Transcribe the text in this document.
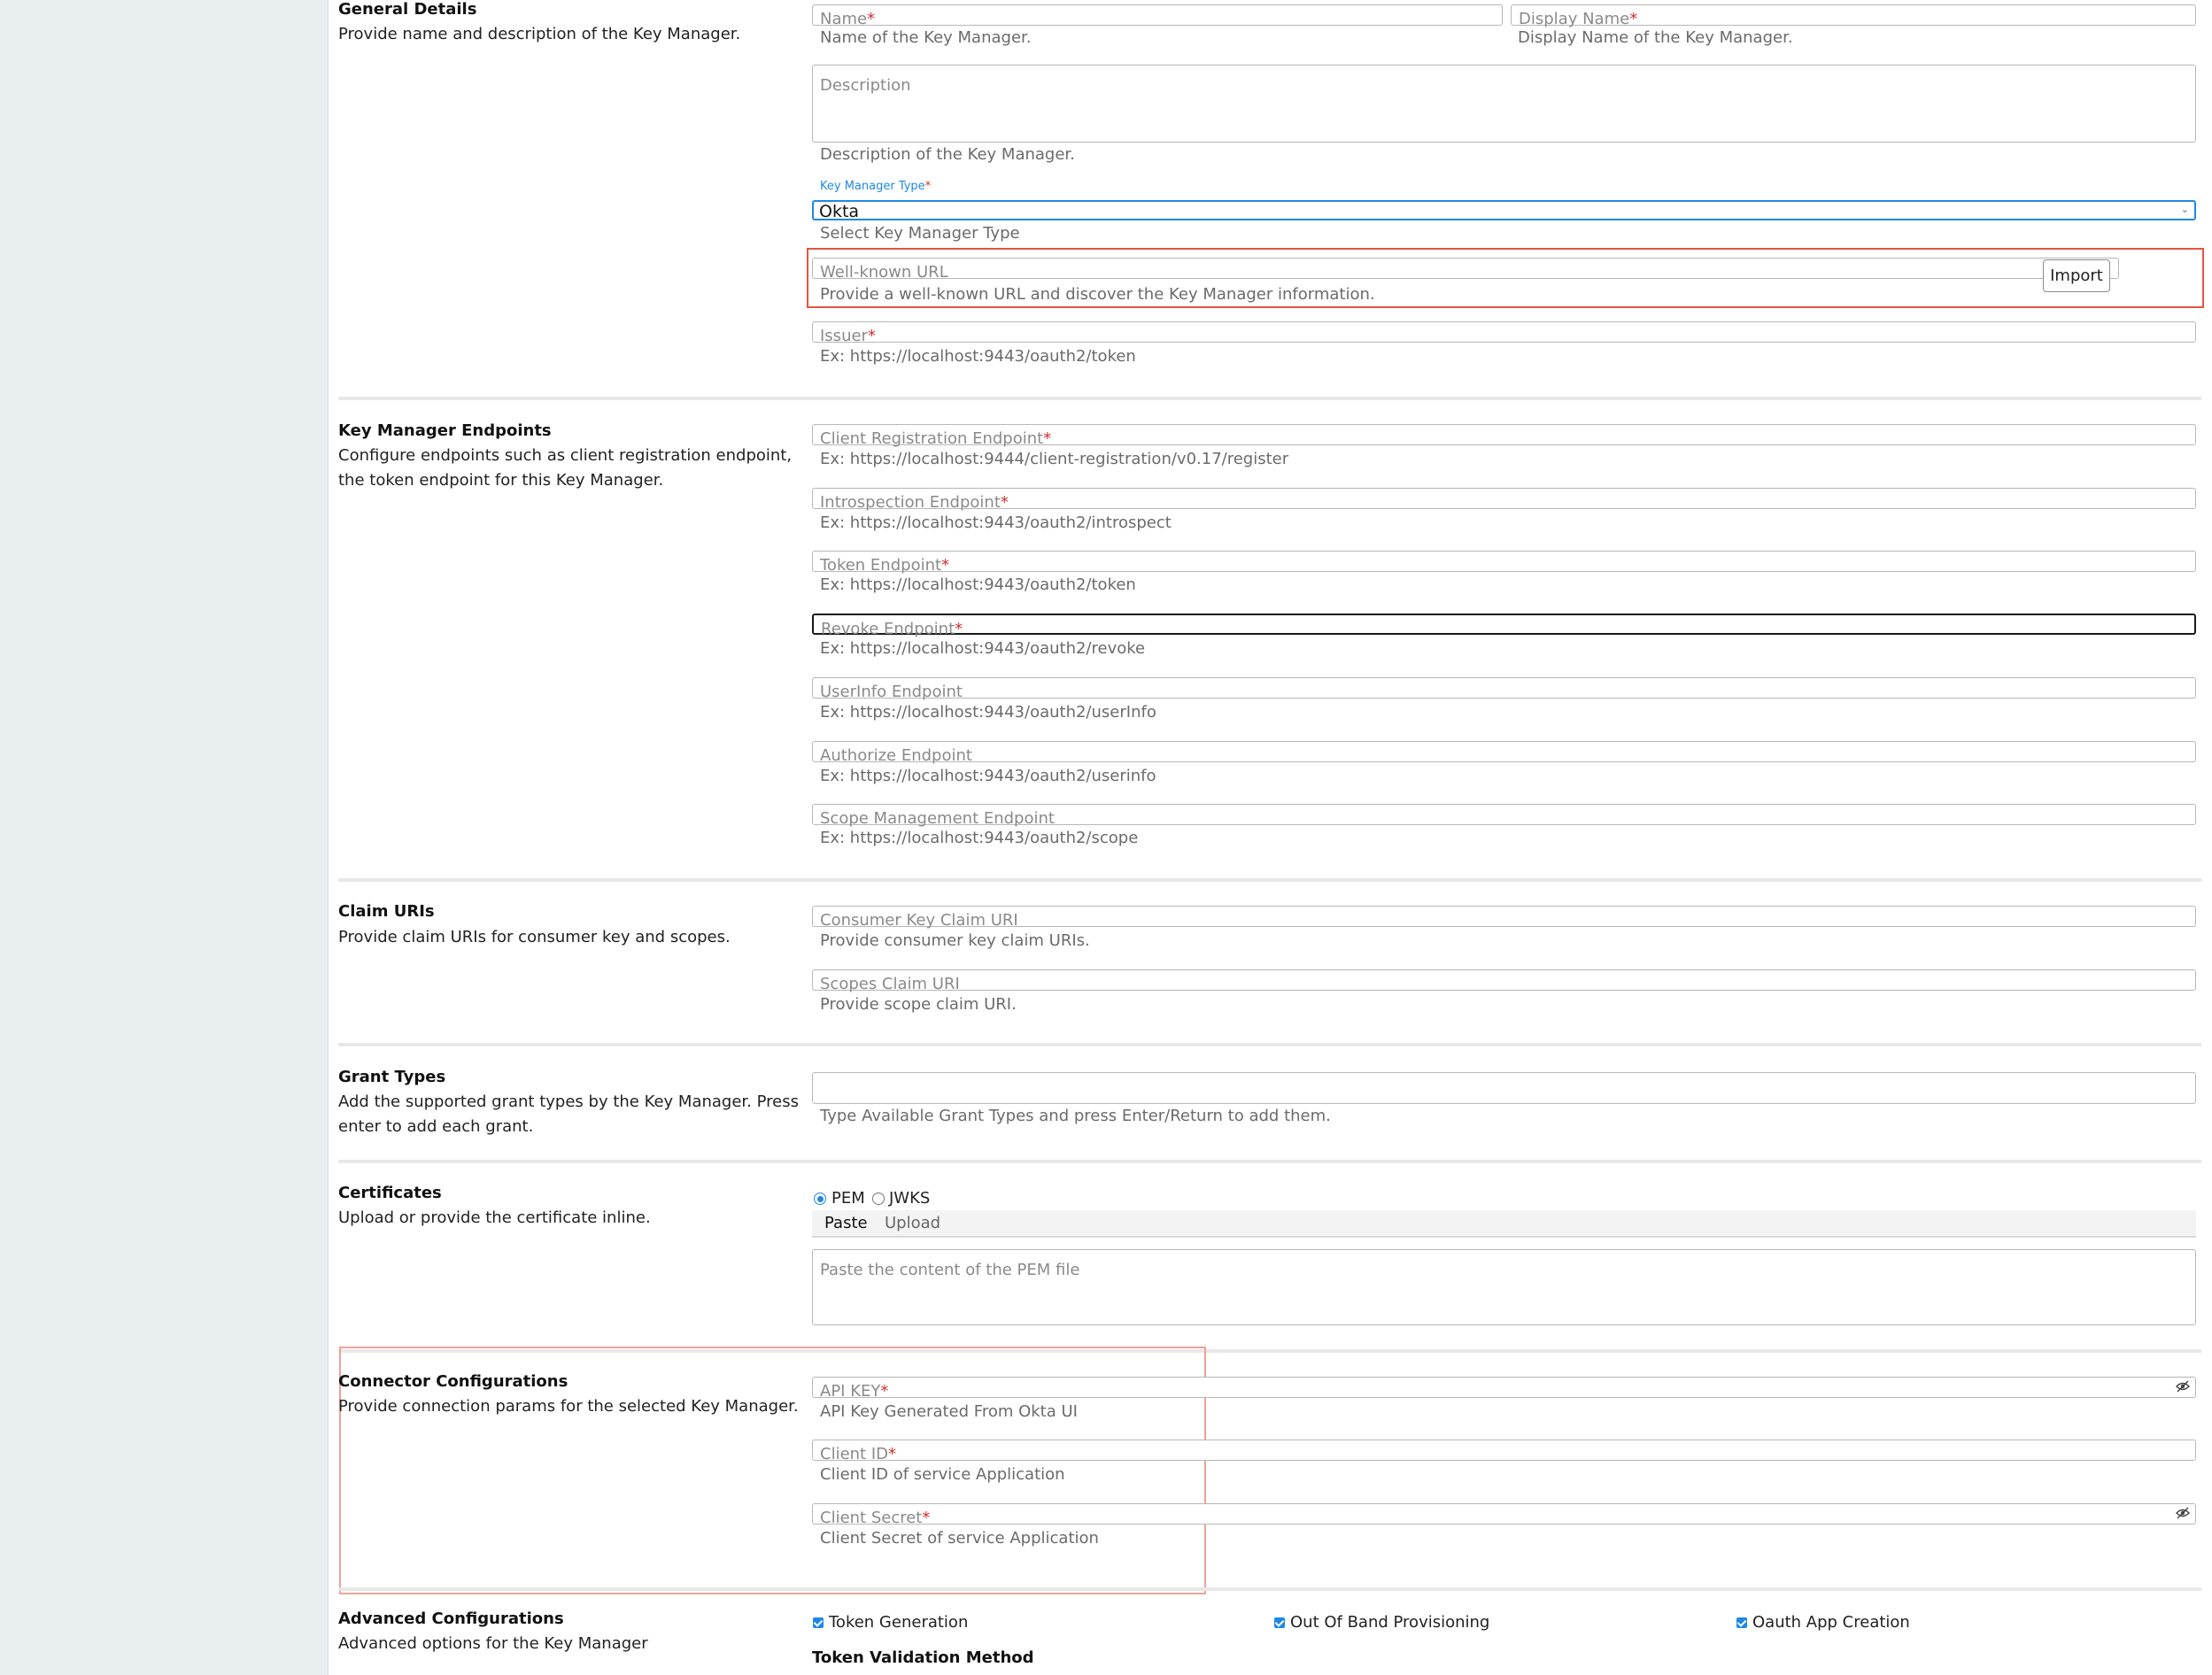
General Details

Provide name and description of the Key Manager.

Name*
Name of the Key Manager.
Display Name*
Display Name of the Key Manager.
Description
Description of the Key Manager.
Key Manager Type*
Okta	⌄
Select Key Manager Type
Well-known URL	Import
Provide a well-known URL and discover the Key Manager information.
Issuer*
Ex: https://localhost:9443/oauth2/token
Key Manager Endpoints

Configure endpoints such as client registration endpoint, the token endpoint for this Key Manager.

Client Registration Endpoint*
Ex: https://localhost:9444/client-registration/v0.17/register
Introspection Endpoint*
Ex: https://localhost:9443/oauth2/introspect
Token Endpoint*
Ex: https://localhost:9443/oauth2/token
Revoke Endpoint*
Ex: https://localhost:9443/oauth2/revoke
UserInfo Endpoint
Ex: https://localhost:9443/oauth2/userInfo
Authorize Endpoint
Ex: https://localhost:9443/oauth2/userinfo
Scope Management Endpoint
Ex: https://localhost:9443/oauth2/scope
Claim URIs

Provide claim URIs for consumer key and scopes.

Consumer Key Claim URI
Provide consumer key claim URIs.
Scopes Claim URI
Provide scope claim URI.
Grant Types

Add the supported grant types by the Key Manager. Press enter to add each grant.

Type Available Grant Types and press Enter/Return to add them.
Certificates

Upload or provide the certificate inline.

PEM JWKS
Paste Upload
Paste the content of the PEM file
Connector Configurations

Provide connection params for the selected Key Manager.

API KEY*
API Key Generated From Okta UI
Client ID*
Client ID of service Application
Client Secret*
Client Secret of service Application
Advanced Configurations

Advanced options for the Key Manager

Token Generation	Out Of Band Provisioning	Oauth App Creation
Token Validation Method
